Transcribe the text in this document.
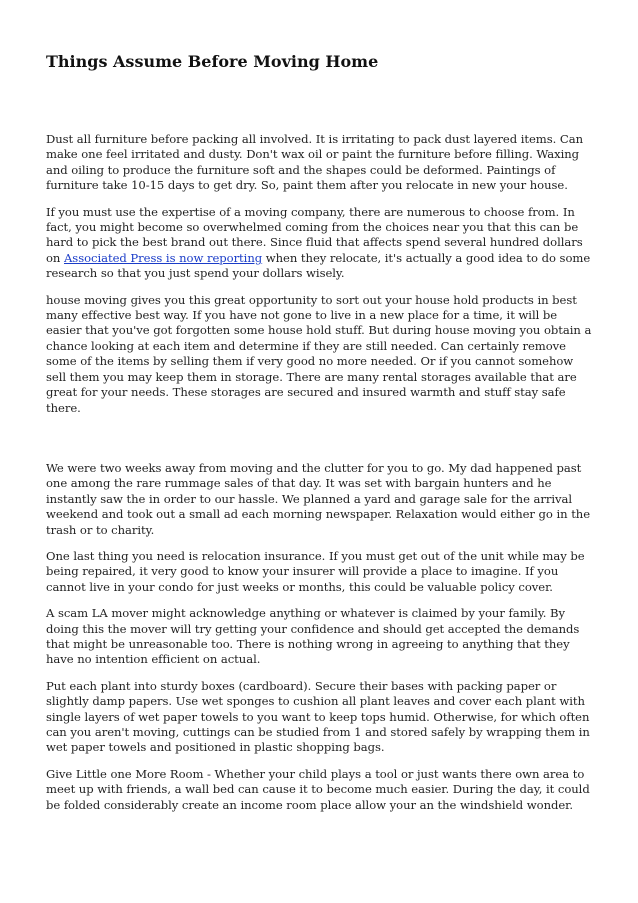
Things Assume Before Moving Home

Dust all furniture before packing all involved. It is irritating to pack dust layered items. Can make one feel irritated and dusty. Don't wax oil or paint the furniture before filling. Waxing and oiling to produce the furniture soft and the shapes could be deformed. Paintings of furniture take 10-15 days to get dry. So, paint them after you relocate in new your house.

If you must use the expertise of a moving company, there are numerous to choose from. In fact, you might become so overwhelmed coming from the choices near you that this can be hard to pick the best brand out there. Since fluid that affects spend several hundred dollars on Associated Press is now reporting when they relocate, it's actually a good idea to do some research so that you just spend your dollars wisely.

house moving gives you this great opportunity to sort out your house hold products in best many effective best way. If you have not gone to live in a new place for a time, it will be easier that you've got forgotten some house hold stuff. But during house moving you obtain a chance looking at each item and determine if they are still needed. Can certainly remove some of the items by selling them if very good no more needed. Or if you cannot somehow sell them you may keep them in storage. There are many rental storages available that are great for your needs. These storages are secured and insured warmth and stuff stay safe there.

We were two weeks away from moving and the clutter for you to go. My dad happened past one among the rare rummage sales of that day. It was set with bargain hunters and he instantly saw the in order to our hassle. We planned a yard and garage sale for the arrival weekend and took out a small ad each morning newspaper. Relaxation would either go in the trash or to charity.

One last thing you need is relocation insurance. If you must get out of the unit while may be being repaired, it very good to know your insurer will provide a place to imagine. If you cannot live in your condo for just weeks or months, this could be valuable policy cover.

A scam LA mover might acknowledge anything or whatever is claimed by your family. By doing this the mover will try getting your confidence and should get accepted the demands that might be unreasonable too. There is nothing wrong in agreeing to anything that they have no intention efficient on actual.

Put each plant into sturdy boxes (cardboard). Secure their bases with packing paper or slightly damp papers. Use wet sponges to cushion all plant leaves and cover each plant with single layers of wet paper towels to you want to keep tops humid. Otherwise, for which often can you aren't moving, cuttings can be studied from 1 and stored safely by wrapping them in wet paper towels and positioned in plastic shopping bags.

Give Little one More Room - Whether your child plays a tool or just wants there own area to meet up with friends, a wall bed can cause it to become much easier. During the day, it could be folded considerably create an income room place allow your an the windshield wonder.
